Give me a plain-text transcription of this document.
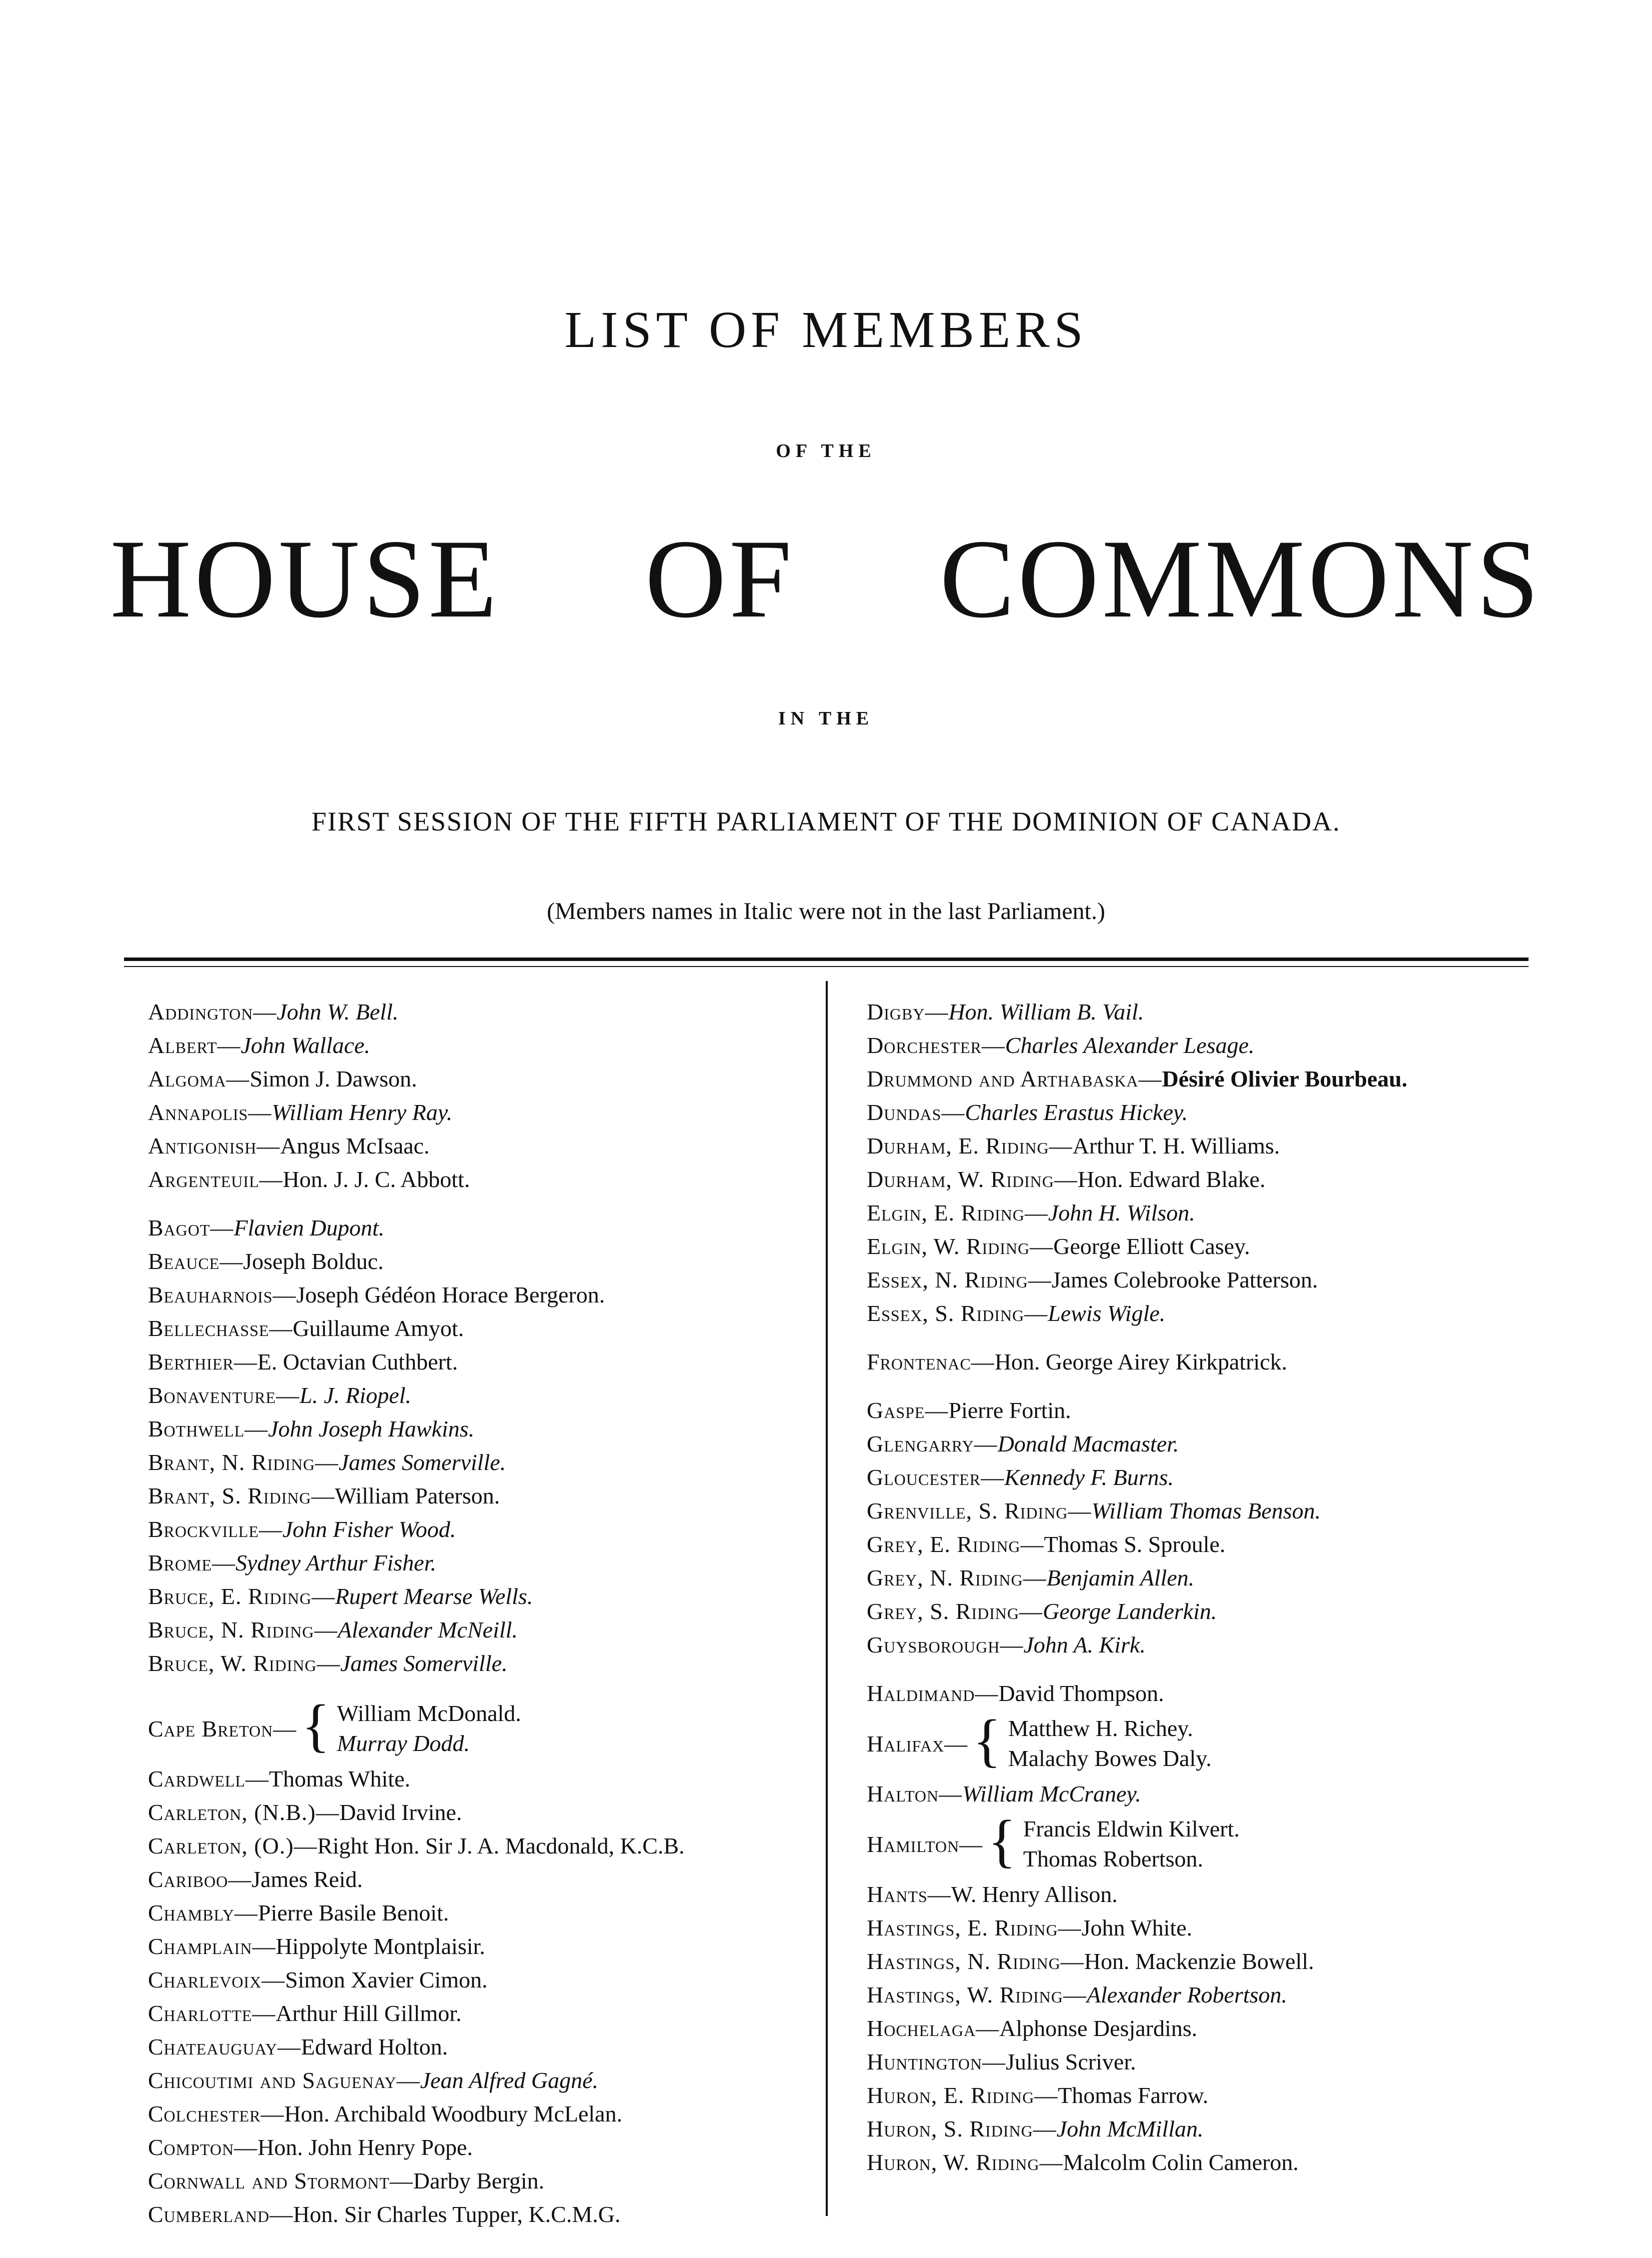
LIST OF MEMBERS
OF THE
HOUSE OF COMMONS
IN THE
FIRST SESSION OF THE FIFTH PARLIAMENT OF THE DOMINION OF CANADA.
(Members names in Italic were not in the last Parliament.)
Addington—John W. Bell.
Albert—John Wallace.
Algoma—Simon J. Dawson.
Annapolis—William Henry Ray.
Antigonish—Angus McIsaac.
Argenteuil—Hon. J. J. C. Abbott.
Bagot—Flavien Dupont.
Beauce—Joseph Bolduc.
Beauharnois—Joseph Gédéon Horace Bergeron.
Bellechasse—Guillaume Amyot.
Berthier—E. Octavian Cuthbert.
Bonaventure—L. J. Riopel.
Bothwell—John Joseph Hawkins.
Brant, N. Riding—James Somerville.
Brant, S. Riding—William Paterson.
Brockville—John Fisher Wood.
Brome—Sydney Arthur Fisher.
Bruce, E. Riding—Rupert Mearse Wells.
Bruce, N. Riding—Alexander McNeill.
Bruce, W. Riding—James Somerville.
Cape Breton— { William McDonald.
Murray Dodd.
Cardwell—Thomas White.
Carleton, (N.B.)—David Irvine.
Carleton, (O.)—Right Hon. Sir J. A. Macdonald, K.C.B.
Cariboo—James Reid.
Chambly—Pierre Basile Benoit.
Champlain—Hippolyte Montplaisir.
Charlevoix—Simon Xavier Cimon.
Charlotte—Arthur Hill Gillmor.
Chateauguay—Edward Holton.
Chicoutimi and Saguenay—Jean Alfred Gagné.
Colchester—Hon. Archibald Woodbury McLelan.
Compton—Hon. John Henry Pope.
Cornwall and Stormont—Darby Bergin.
Cumberland—Hon. Sir Charles Tupper, K.C.M.G.
Digby—Hon. William B. Vail.
Dorchester—Charles Alexander Lesage.
Drummond and Arthabaska—Désiré Olivier Bourbeau.
Dundas—Charles Erastus Hickey.
Durham, E. Riding—Arthur T. H. Williams.
Durham, W. Riding—Hon. Edward Blake.
Elgin, E. Riding—John H. Wilson.
Elgin, W. Riding—George Elliott Casey.
Essex, N. Riding—James Colebrooke Patterson.
Essex, S. Riding—Lewis Wigle.
Frontenac—Hon. George Airey Kirkpatrick.
Gaspe—Pierre Fortin.
Glengarry—Donald Macmaster.
Gloucester—Kennedy F. Burns.
Grenville, S. Riding—William Thomas Benson.
Grey, E. Riding—Thomas S. Sproule.
Grey, N. Riding—Benjamin Allen.
Grey, S. Riding—George Landerkin.
Guysborough—John A. Kirk.
Haldimand—David Thompson.
Halifax— { Matthew H. Richey.
Malachy Bowes Daly.
Halton—William McCraney.
Hamilton— { Francis Eldwin Kilvert.
Thomas Robertson.
Hants—W. Henry Allison.
Hastings, E. Riding—John White.
Hastings, N. Riding—Hon. Mackenzie Bowell.
Hastings, W. Riding—Alexander Robertson.
Hochelaga—Alphonse Desjardins.
Huntington—Julius Scriver.
Huron, E. Riding—Thomas Farrow.
Huron, S. Riding—John McMillan.
Huron, W. Riding—Malcolm Colin Cameron.
